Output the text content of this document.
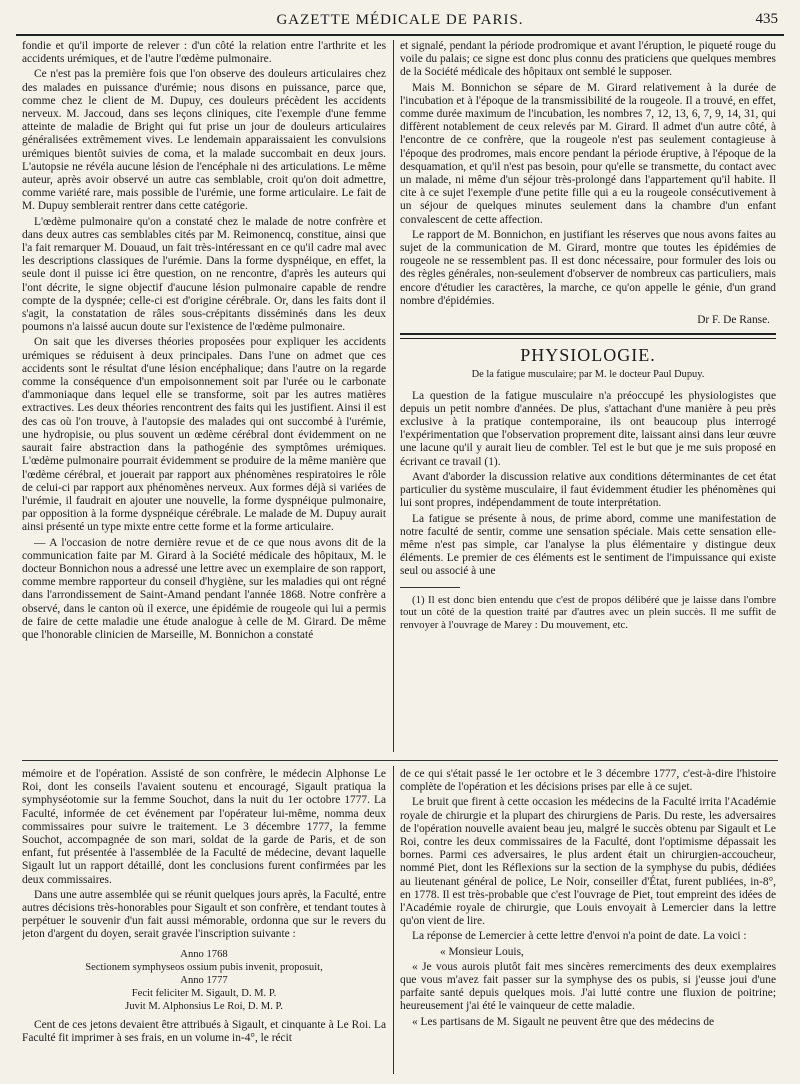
GAZETTE MÉDICALE DE PARIS.	435

fondie et qu'il importe de relever : d'un côté la relation entre l'arthrite et les accidents urémiques, et de l'autre l'œdème pulmonaire.

Ce n'est pas la première fois que l'on observe des douleurs articulaires chez des malades en puissance d'urémie; nous disons en puissance, parce que, comme chez le client de M. Dupuy, ces douleurs précèdent les accidents nerveux. M. Jaccoud, dans ses leçons cliniques, cite l'exemple d'une femme atteinte de maladie de Bright qui fut prise un jour de douleurs articulaires généralisées extrêmement vives. Le lendemain apparaissaient les convulsions urémiques bientôt suivies de coma, et la malade succombait en deux jours. L'autopsie ne révéla aucune lésion de l'encéphale ni des articulations. Le même auteur, après avoir observé un autre cas semblable, croit qu'on doit admettre, comme variété rare, mais possible de l'urémie, une forme articulaire. Le fait de M. Dupuy semblerait rentrer dans cette catégorie.

L'œdème pulmonaire qu'on a constaté chez le malade de notre confrère et dans deux autres cas semblables cités par M. Reimonencq, constitue, ainsi que l'a fait remarquer M. Douaud, un fait très-intéressant en ce qu'il cadre mal avec les descriptions classiques de l'urémie. Dans la forme dyspnéique, en effet, la seule dont il puisse ici être question, on ne rencontre, d'après les auteurs qui l'ont décrite, le signe objectif d'aucune lésion pulmonaire capable de rendre compte de la dyspnée; celle-ci est d'origine cérébrale. Or, dans les faits dont il s'agit, la constatation de râles sous-crépitants disséminés dans les deux poumons n'a laissé aucun doute sur l'existence de l'œdème pulmonaire.

On sait que les diverses théories proposées pour expliquer les accidents urémiques se réduisent à deux principales. Dans l'une on admet que ces accidents sont le résultat d'une lésion encéphalique; dans l'autre on la regarde comme la conséquence d'un empoisonnement soit par l'urée ou le carbonate d'ammoniaque dans lequel elle se transforme, soit par les autres matières extractives. Les deux théories rencontrent des faits qui les justifient. Ainsi il est des cas où l'on trouve, à l'autopsie des malades qui ont succombé à l'urémie, une hydropisie, ou plus souvent un œdème cérébral dont évidemment on ne saurait faire abstraction dans la pathogénie des symptômes urémiques. L'œdème pulmonaire pourrait évidemment se produire de la même manière que l'œdème cérébral, et jouerait par rapport aux phénomènes respiratoires le rôle de celui-ci par rapport aux phénomènes nerveux. Aux formes déjà si variées de l'urémie, il faudrait en ajouter une nouvelle, la forme dyspnéique pulmonaire, par opposition à la forme dyspnéique cérébrale. Le malade de M. Dupuy aurait ainsi présenté un type mixte entre cette forme et la forme articulaire.

— A l'occasion de notre dernière revue et de ce que nous avons dit de la communication faite par M. Girard à la Société médicale des hôpitaux, M. le docteur Bonnichon nous a adressé une lettre avec un exemplaire de son rapport, comme membre rapporteur du conseil d'hygiène, sur les maladies qui ont régné dans l'arrondissement de Saint-Amand pendant l'année 1868. Notre confrère a observé, dans le canton où il exerce, une épidémie de rougeole qui lui a permis de faire de cette maladie une étude analogue à celle de M. Girard. De même que l'honorable clinicien de Marseille, M. Bonnichon a constaté

et signalé, pendant la période prodromique et avant l'éruption, le piqueté rouge du voile du palais; ce signe est donc plus connu des praticiens que quelques membres de la Société médicale des hôpitaux ont semblé le supposer.

Mais M. Bonnichon se sépare de M. Girard relativement à la durée de l'incubation et à l'époque de la transmissibilité de la rougeole. Il a trouvé, en effet, comme durée maximum de l'incubation, les nombres 7, 12, 13, 6, 7, 9, 14, 31, qui diffèrent notablement de ceux relevés par M. Girard. Il admet d'un autre côté, à l'encontre de ce confrère, que la rougeole n'est pas seulement contagieuse à l'époque des prodromes, mais encore pendant la période éruptive, à l'époque de la desquamation, et qu'il n'est pas besoin, pour qu'elle se transmette, du contact avec un malade, ni même d'un séjour très-prolongé dans l'appartement qu'il habite. Il cite à ce sujet l'exemple d'une petite fille qui a eu la rougeole consécutivement à un séjour de quelques minutes seulement dans la chambre d'un enfant convalescent de cette affection.

Le rapport de M. Bonnichon, en justifiant les réserves que nous avons faites au sujet de la communication de M. Girard, montre que toutes les épidémies de rougeole ne se ressemblent pas. Il est donc nécessaire, pour formuler des lois ou des règles générales, non-seulement d'observer de nombreux cas particuliers, mais encore d'étudier les caractères, la marche, ce qu'on appelle le génie, d'un grand nombre d'épidémies.

Dr F. De Ranse.
PHYSIOLOGIE.
De la fatigue musculaire; par M. le docteur Paul Dupuy.

La question de la fatigue musculaire n'a préoccupé les physiologistes que depuis un petit nombre d'années. De plus, s'attachant d'une manière à peu près exclusive à la pratique contemporaine, ils ont beaucoup plus interrogé l'expérimentation que l'observation proprement dite, laissant ainsi dans leur œuvre une lacune qu'il y aurait lieu de combler. Tel est le but que je me suis proposé en écrivant ce travail (1).

Avant d'aborder la discussion relative aux conditions déterminantes de cet état particulier du système musculaire, il faut évidemment étudier les phénomènes qui lui sont propres, indépendamment de toute interprétation.

La fatigue se présente à nous, de prime abord, comme une manifestation de notre faculté de sentir, comme une sensation spéciale. Mais cette sensation elle-même n'est pas simple, car l'analyse la plus élémentaire y distingue deux éléments. Le premier de ces éléments est le sentiment de l'impuissance qui existe seul ou associé à une

(1) Il est donc bien entendu que c'est de propos délibéré que je laisse dans l'ombre tout un côté de la question traité par d'autres avec un plein succès. Il me suffit de renvoyer à l'ouvrage de Marey : Du mouvement, etc.

mémoire et de l'opération. Assisté de son confrère, le médecin Alphonse Le Roi, dont les conseils l'avaient soutenu et encouragé, Sigault pratiqua la symphyséotomie sur la femme Souchot, dans la nuit du 1er octobre 1777. La Faculté, informée de cet événement par l'opérateur lui-même, nomma deux commissaires pour suivre le traitement. Le 3 décembre 1777, la femme Souchot, accompagnée de son mari, soldat de la garde de Paris, et de son enfant, fut présentée à l'assemblée de la Faculté de médecine, devant laquelle Sigault lut un rapport détaillé, dont les conclusions furent confirmées par les deux commissaires.

Dans une autre assemblée qui se réunit quelques jours après, la Faculté, entre autres décisions très-honorables pour Sigault et son confrère, et tendant toutes à perpétuer le souvenir d'un fait aussi mémorable, ordonna que sur le revers du jeton d'argent du doyen, serait gravée l'inscription suivante :

Anno 1768
Sectionem symphyseos ossium pubis invenit, proposuit,
Anno 1777
Fecit feliciter M. Sigault, D. M. P.
Juvit M. Alphonsius Le Roi, D. M. P.

Cent de ces jetons devaient être attribués à Sigault, et cinquante à Le Roi. La Faculté fit imprimer à ses frais, en un volume in-4°, le récit

de ce qui s'était passé le 1er octobre et le 3 décembre 1777, c'est-à-dire l'histoire complète de l'opération et les décisions prises par elle à ce sujet.

Le bruit que firent à cette occasion les médecins de la Faculté irrita l'Académie royale de chirurgie et la plupart des chirurgiens de Paris. Du reste, les adversaires de l'opération nouvelle avaient beau jeu, malgré le succès obtenu par Sigault et Le Roi, contre les deux commissaires de la Faculté, dont l'optimisme dépassait les bornes. Parmi ces adversaires, le plus ardent était un chirurgien-accoucheur, nommé Piet, dont les Réflexions sur la section de la symphyse du pubis, dédiées au lieutenant général de police, Le Noir, conseiller d'État, furent publiées, in-8°, en 1778. Il est très-probable que c'est l'ouvrage de Piet, tout empreint des idées de l'Académie royale de chirurgie, que Louis envoyait à Lemercier dans la lettre qu'on vient de lire.

La réponse de Lemercier à cette lettre d'envoi n'a point de date. La voici :

« Monsieur Louis,

« Je vous aurois plutôt fait mes sincères remerciments des deux exemplaires que vous m'avez fait passer sur la symphyse des os pubis, si j'eusse joui d'une parfaite santé depuis quelques mois. J'ai lutté contre une fluxion de poitrine; heureusement j'ai été le vainqueur de cette maladie.

« Les partisans de M. Sigault ne peuvent être que des médecins de
